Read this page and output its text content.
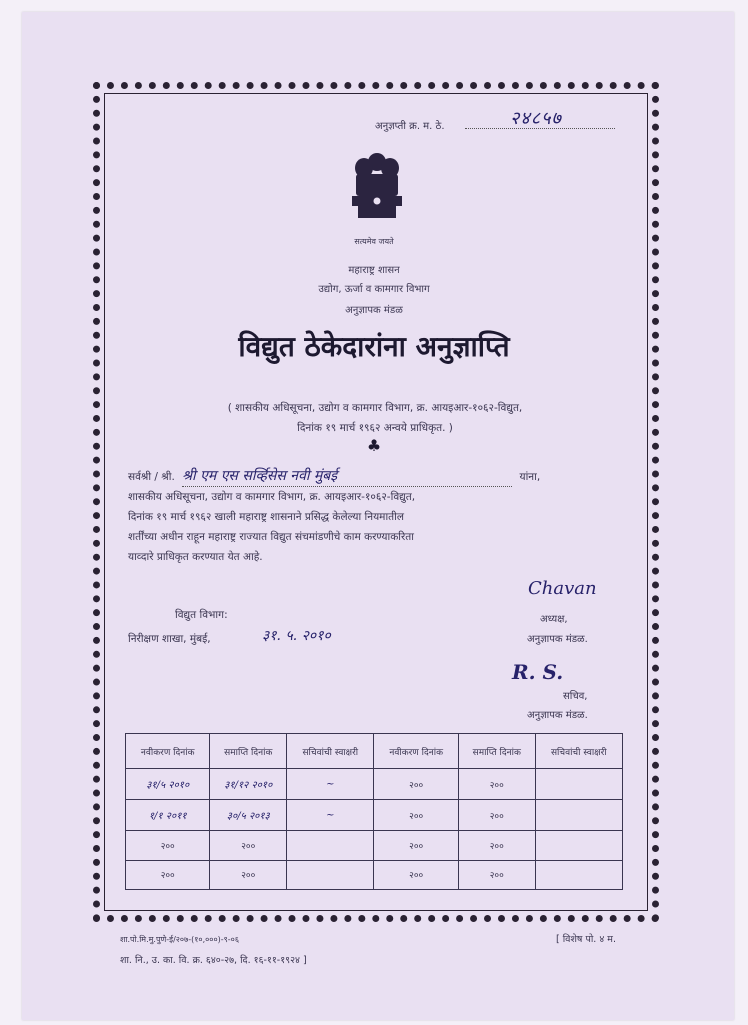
अनुज्ञप्ती क्र. म. ठे.	२४८५७
सत्यमेव जयते
महाराष्ट्र शासन
उद्योग, ऊर्जा व कामगार विभाग
अनुज्ञापक मंडळ
विद्युत ठेकेदारांना अनुज्ञाप्ति
( शासकीय अधिसूचना, उद्योग व कामगार विभाग, क्र. आयइआर-१०६२-विद्युत,
दिनांक १९ मार्च १९६२ अन्वये प्राधिकृत. )
♣
सर्वश्री / श्री. श्री एम एस सर्व्हिसेस नवी मुंबई	यांना,
शासकीय अधिसूचना, उद्योग व कामगार विभाग, क्र. आयइआर-१०६२-विद्युत,
दिनांक १९ मार्च १९६२ खाली महाराष्ट्र शासनाने प्रसिद्ध केलेल्या नियमातील
शर्तींच्या अधीन राहून महाराष्ट्र राज्यात विद्युत संचमांडणीचे काम करण्याकरिता
याव्दारे प्राधिकृत करण्यात येत आहे.
विद्युत विभाग:
निरीक्षण शाखा, मुंबई,	३१. ५. २०१०
Chavan
अध्यक्ष,
अनुज्ञापक मंडळ.
R. S.
सचिव,
अनुज्ञापक मंडळ.
नवीकरण दिनांक	समाप्ति दिनांक	सचिवांची स्वाक्षरी	नवीकरण दिनांक	समाप्ति दिनांक	सचिवांची स्वाक्षरी
३१/५ २०१०	३१/१२ २०१०	~	२००	२००	
१/१ २०११	३०/५ २०१३	~	२००	२००	
२००	२००		२००	२००	
२००	२००		२००	२००	
शा.पो.मि.मु.पुणे-ई/२०७-(१०,०००)-९-०६
शा. नि., उ. का. वि. क्र. ६४०-२७, दि. १६-११-१९२४ ]
[ विशेष पो. ४ म.
